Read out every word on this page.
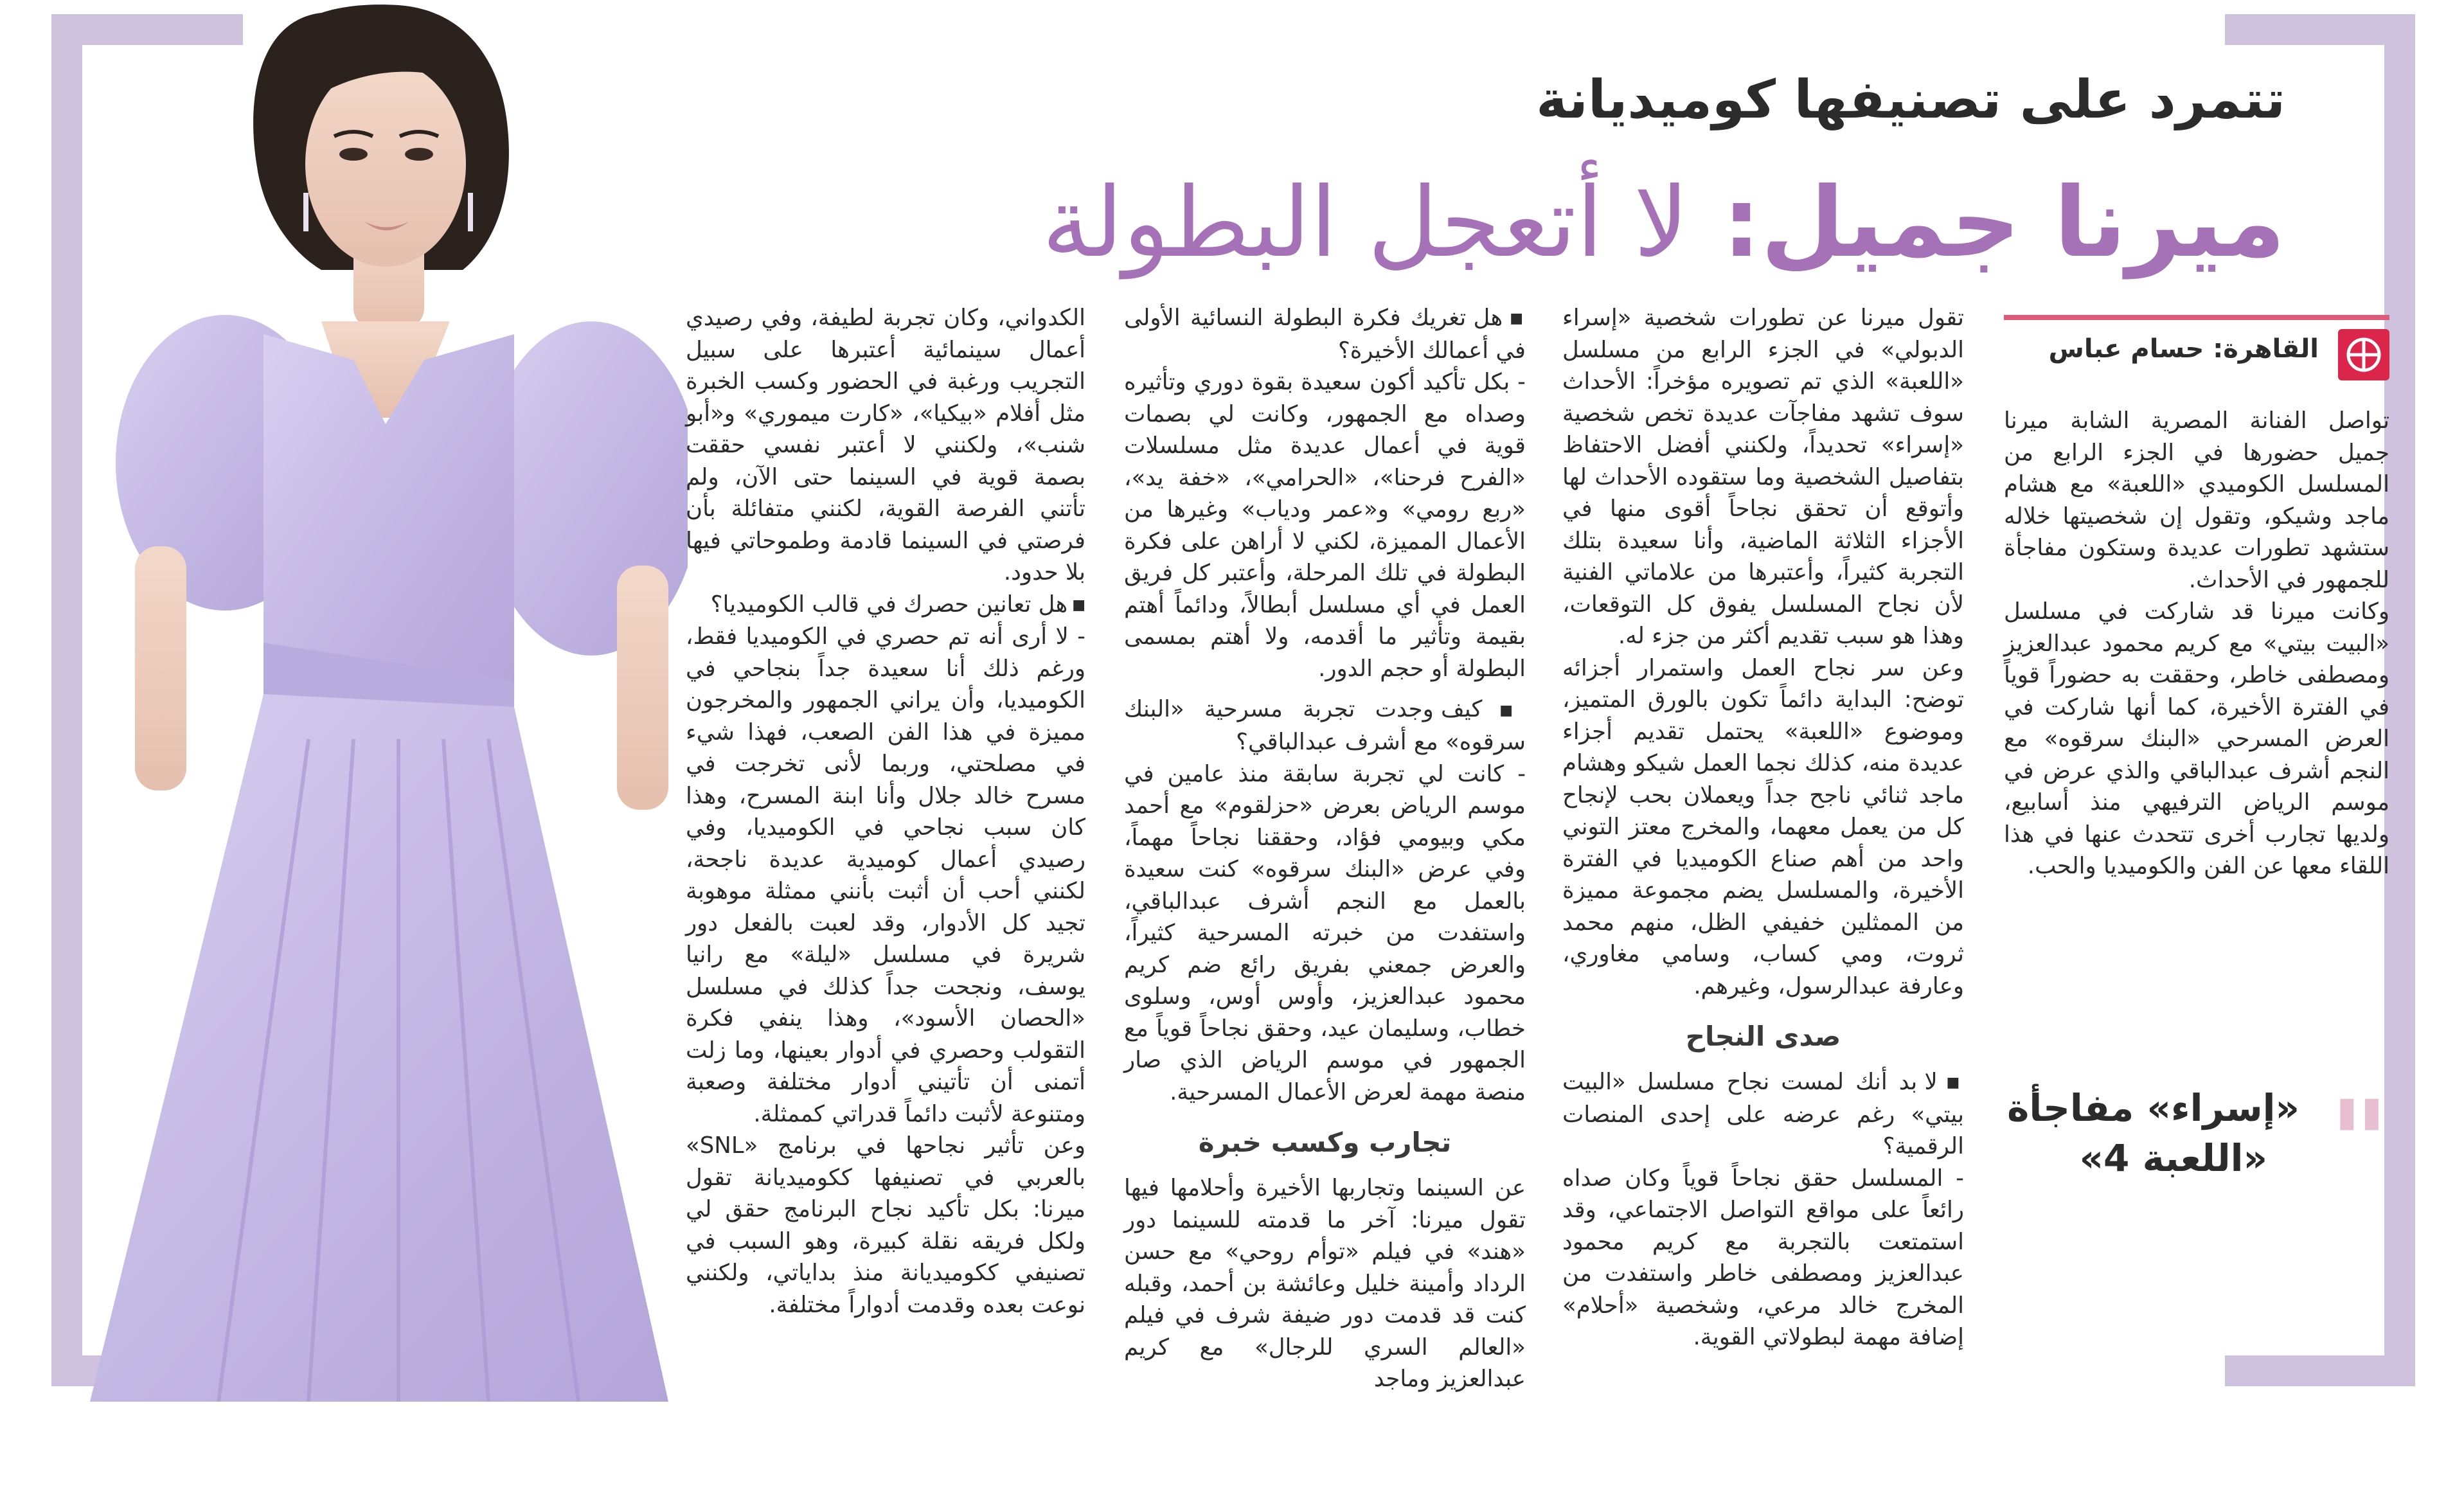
تتمرد على تصنيفها كوميديانة
ميرنا جميل: لا أتعجل البطولة
القاهرة: حسام عباس

تواصل الفنانة المصرية الشابة ميرنا جميل حضورها في الجزء الرابع من المسلسل الكوميدي «اللعبة» مع هشام ماجد وشيكو، وتقول إن شخصيتها خلاله ستشهد تطورات عديدة وستكون مفاجأة للجمهور في الأحداث.

وكانت ميرنا قد شاركت في مسلسل «البيت بيتي» مع كريم محمود عبدالعزيز ومصطفى خاطر، وحققت به حضوراً قوياً في الفترة الأخيرة، كما أنها شاركت في العرض المسرحي «البنك سرقوه» مع النجم أشرف عبدالباقي والذي عرض في موسم الرياض الترفيهي منذ أسابيع، ولديها تجارب أخرى تتحدث عنها في هذا اللقاء معها عن الفن والكوميديا والحب.

"
«إسراء» مفاجأة
«اللعبة 4»

تقول ميرنا عن تطورات شخصية «إسراء الدبولي» في الجزء الرابع من مسلسل «اللعبة» الذي تم تصويره مؤخراً: الأحداث سوف تشهد مفاجآت عديدة تخص شخصية «إسراء» تحديداً، ولكنني أفضل الاحتفاظ بتفاصيل الشخصية وما ستقوده الأحداث لها وأتوقع أن تحقق نجاحاً أقوى منها في الأجزاء الثلاثة الماضية، وأنا سعيدة بتلك التجربة كثيراً، وأعتبرها من علاماتي الفنية لأن نجاح المسلسل يفوق كل التوقعات، وهذا هو سبب تقديم أكثر من جزء له.

وعن سر نجاح العمل واستمرار أجزائه توضح: البداية دائماً تكون بالورق المتميز، وموضوع «اللعبة» يحتمل تقديم أجزاء عديدة منه، كذلك نجما العمل شيكو وهشام ماجد ثنائي ناجح جداً ويعملان بحب لإنجاح كل من يعمل معهما، والمخرج معتز التوني واحد من أهم صناع الكوميديا في الفترة الأخيرة، والمسلسل يضم مجموعة مميزة من الممثلين خفيفي الظل، منهم محمد ثروت، ومي كساب، وسامي مغاوري، وعارفة عبدالرسول، وغيرهم.

صدى النجاح

■ لا بد أنك لمست نجاح مسلسل «البيت بيتي» رغم عرضه على إحدى المنصات الرقمية؟

- المسلسل حقق نجاحاً قوياً وكان صداه رائعاً على مواقع التواصل الاجتماعي، وقد استمتعت بالتجربة مع كريم محمود عبدالعزيز ومصطفى خاطر واستفدت من المخرج خالد مرعي، وشخصية «أحلام» إضافة مهمة لبطولاتي القوية.

■ هل تغريك فكرة البطولة النسائية الأولى في أعمالك الأخيرة؟

- بكل تأكيد أكون سعيدة بقوة دوري وتأثيره وصداه مع الجمهور، وكانت لي بصمات قوية في أعمال عديدة مثل مسلسلات «الفرح فرحنا»، «الحرامي»، «خفة يد»، «ربع رومي» و«عمر ودياب» وغيرها من الأعمال المميزة، لكني لا أراهن على فكرة البطولة في تلك المرحلة، وأعتبر كل فريق العمل في أي مسلسل أبطالاً، ودائماً أهتم بقيمة وتأثير ما أقدمه، ولا أهتم بمسمى البطولة أو حجم الدور.

■ كيف وجدت تجربة مسرحية «البنك سرقوه» مع أشرف عبدالباقي؟

- كانت لي تجربة سابقة منذ عامين في موسم الرياض بعرض «حزلقوم» مع أحمد مكي وبيومي فؤاد، وحققنا نجاحاً مهماً، وفي عرض «البنك سرقوه» كنت سعيدة بالعمل مع النجم أشرف عبدالباقي، واستفدت من خبرته المسرحية كثيراً، والعرض جمعني بفريق رائع ضم كريم محمود عبدالعزيز، وأوس أوس، وسلوى خطاب، وسليمان عيد، وحقق نجاحاً قوياً مع الجمهور في موسم الرياض الذي صار منصة مهمة لعرض الأعمال المسرحية.

تجارب وكسب خبرة

عن السينما وتجاربها الأخيرة وأحلامها فيها تقول ميرنا: آخر ما قدمته للسينما دور «هند» في فيلم «توأم روحي» مع حسن الرداد وأمينة خليل وعائشة بن أحمد، وقبله كنت قد قدمت دور ضيفة شرف في فيلم «العالم السري للرجال» مع كريم عبدالعزيز وماجد

الكدواني، وكان تجربة لطيفة، وفي رصيدي أعمال سينمائية أعتبرها على سبيل التجريب ورغبة في الحضور وكسب الخبرة مثل أفلام «بيكيا»، «كارت ميموري» و«أبو شنب»، ولكنني لا أعتبر نفسي حققت بصمة قوية في السينما حتى الآن، ولم تأتني الفرصة القوية، لكنني متفائلة بأن فرصتي في السينما قادمة وطموحاتي فيها بلا حدود.

■ هل تعانين حصرك في قالب الكوميديا؟

- لا أرى أنه تم حصري في الكوميديا فقط، ورغم ذلك أنا سعيدة جداً بنجاحي في الكوميديا، وأن يراني الجمهور والمخرجون مميزة في هذا الفن الصعب، فهذا شيء في مصلحتي، وربما لأنى تخرجت في مسرح خالد جلال وأنا ابنة المسرح، وهذا كان سبب نجاحي في الكوميديا، وفي رصيدي أعمال كوميدية عديدة ناجحة، لكنني أحب أن أثبت بأنني ممثلة موهوبة تجيد كل الأدوار، وقد لعبت بالفعل دور شريرة في مسلسل «ليلة» مع رانيا يوسف، ونجحت جداً كذلك في مسلسل «الحصان الأسود»، وهذا ينفي فكرة التقولب وحصري في أدوار بعينها، وما زلت أتمنى أن تأتيني أدوار مختلفة وصعبة ومتنوعة لأثبت دائماً قدراتي كممثلة.

وعن تأثير نجاحها في برنامج «SNL» بالعربي في تصنيفها ككوميديانة تقول ميرنا: بكل تأكيد نجاح البرنامج حقق لي ولكل فريقه نقلة كبيرة، وهو السبب في تصنيفي ككوميديانة منذ بداياتي، ولكنني نوعت بعده وقدمت أدواراً مختلفة.
